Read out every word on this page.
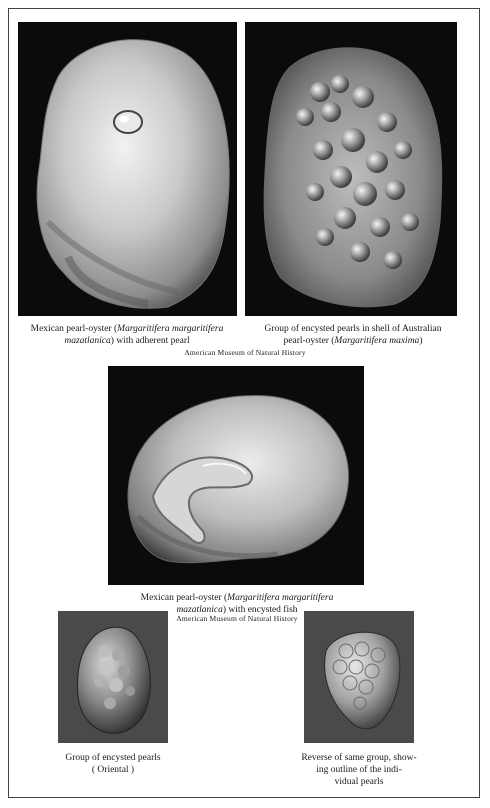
Mexican pearl-oyster (Margaritifera margaritifera
mazatlanica) with adherent pearl
Group of encysted pearls in shell of Australian
pearl-oyster (Margaritifera maxima)
American Museum of Natural History
Mexican pearl-oyster (Margaritifera margaritifera
mazatlanica) with encysted fish
American Museum of Natural History
Group of encysted pearls
( Oriental )
Reverse of same group, show-
ing outline of the indi-
vidual pearls
